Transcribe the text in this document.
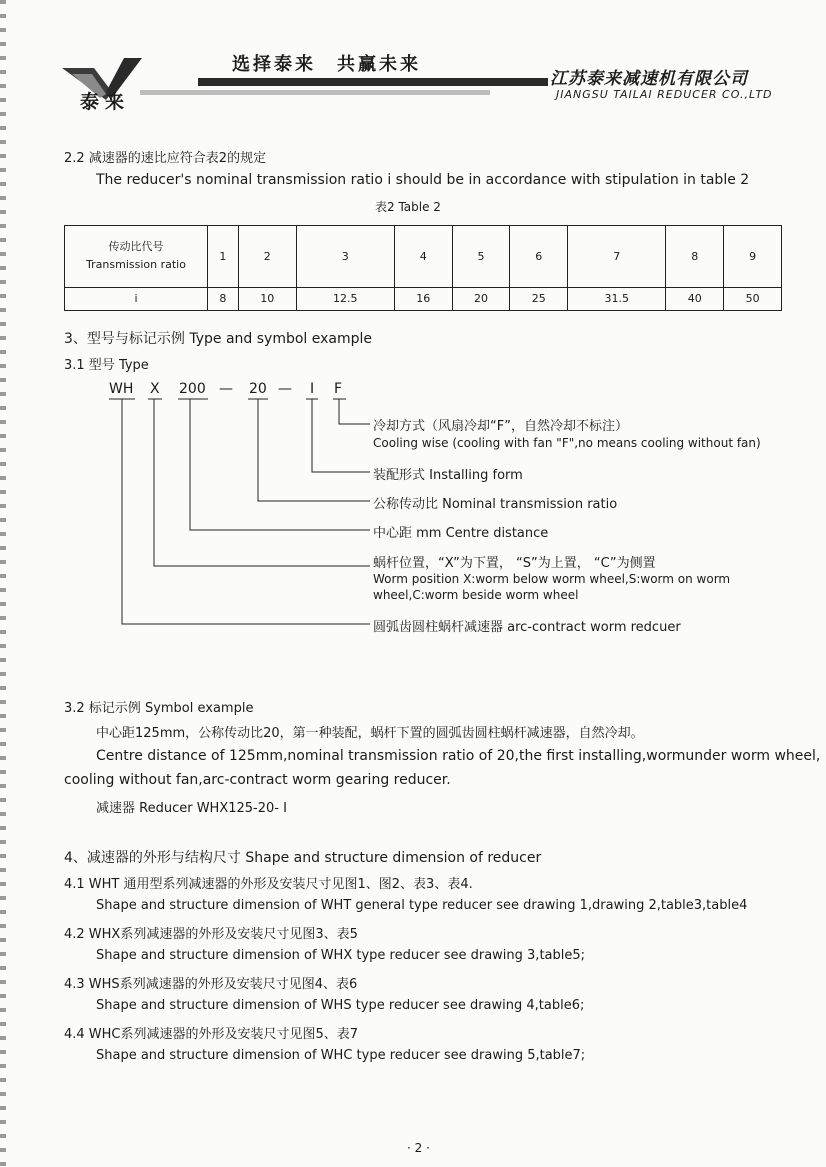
泰来
选择泰来　共赢未来
江苏泰来减速机有限公司
JIANGSU TAILAI REDUCER CO.,LTD
2.2 减速器的速比应符合表2的规定
The reducer's nominal transmission ratio i should be in accordance with stipulation in table 2
表2 Table 2
传动比代号
Transmission ratio	1	2	3	4	5	6	7	8	9
i	8	10	12.5	16	20	25	31.5	40	50
3、型号与标记示例 Type and symbol example
3.1 型号 Type
WH X 200 — 20 — I F
冷却方式（风扇冷却“F”，自然冷却不标注）
Cooling wise (cooling with fan "F",no means cooling without fan)
装配形式 Installing form
公称传动比 Nominal transmission ratio
中心距 mm Centre distance
蜗杆位置，“X”为下置， “S”为上置， “C”为侧置
Worm position X:worm below worm wheel,S:worm on worm
wheel,C:worm beside worm wheel
圆弧齿圆柱蜗杆减速器 arc-contract worm redcuer
3.2 标记示例 Symbol example
中心距125mm，公称传动比20，第一种装配，蜗杆下置的圆弧齿圆柱蜗杆减速器，自然冷却。
Centre distance of 125mm,nominal transmission ratio of 20,the first installing,wormunder worm wheel,
cooling without fan,arc-contract worm gearing reducer.
减速器 Reducer WHX125-20- I
4、减速器的外形与结构尺寸 Shape and structure dimension of reducer
4.1 WHT 通用型系列减速器的外形及安装尺寸见图1、图2、表3、表4.
Shape and structure dimension of WHT general type reducer see drawing 1,drawing 2,table3,table4
4.2 WHX系列减速器的外形及安装尺寸见图3、表5
Shape and structure dimension of WHX type reducer see drawing 3,table5;
4.3 WHS系列减速器的外形及安装尺寸见图4、表6
Shape and structure dimension of WHS type reducer see drawing 4,table6;
4.4 WHC系列减速器的外形及安装尺寸见图5、表7
Shape and structure dimension of WHC type reducer see drawing 5,table7;
· 2 ·
